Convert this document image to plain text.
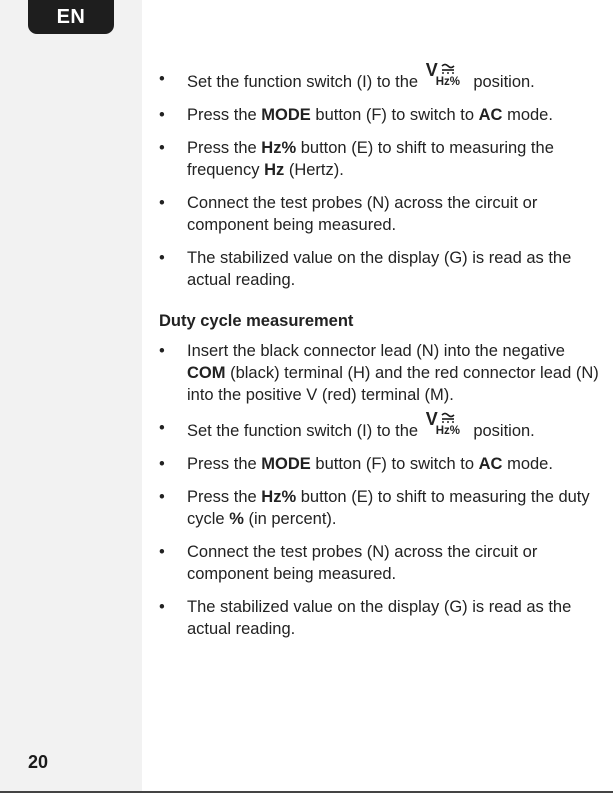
EN
20
•	Set the function switch (I) to the
V
Hz% position.
•	Press the MODE button (F) to switch to AC mode.
•	Press the Hz% button (E) to shift to measuring the frequency Hz (Hertz).
•	Connect the test probes (N) across the circuit or component being measured.
•	The stabilized value on the display (G) is read as the actual reading.
Duty cycle measurement
•	Insert the black connector lead (N) into the negative COM (black) terminal (H) and the red connector lead (N) into the positive V (red) terminal (M).
•	Set the function switch (I) to the
V
Hz% position.
•	Press the MODE button (F) to switch to AC mode.
•	Press the Hz% button (E) to shift to measuring the duty cycle % (in percent).
•	Connect the test probes (N) across the circuit or component being measured.
•	The stabilized value on the display (G) is read as the actual reading.
